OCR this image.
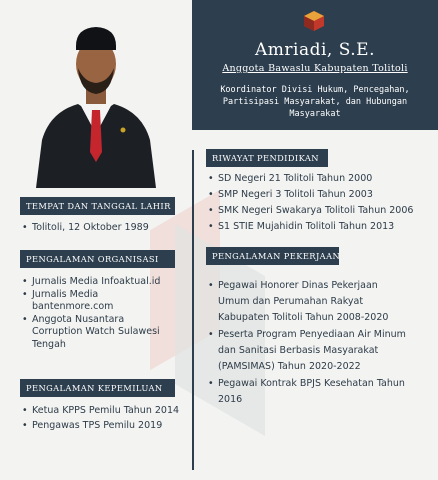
Amriadi, S.E.
Anggota Bawaslu Kabupaten Tolitoli
Koordinator Divisi Hukum, Pencegahan, Partisipasi Masyarakat, dan Hubungan Masyarakat
TEMPAT DAN TANGGAL LAHIR
• Tolitoli, 12 Oktober 1989
PENGALAMAN ORGANISASI
• Jurnalis Media Infoaktual.id
• Jurnalis Media bantenmore.com
• Anggota Nusantara Corruption Watch Sulawesi Tengah
PENGALAMAN KEPEMILUAN
• Ketua KPPS Pemilu Tahun 2014
• Pengawas TPS Pemilu 2019
RIWAYAT PENDIDIKAN
• SD Negeri 21 Tolitoli Tahun 2000
• SMP Negeri 3 Tolitoli Tahun 2003
• SMK Negeri Swakarya Tolitoli Tahun 2006
• S1 STIE Mujahidin Tolitoli Tahun 2013
PENGALAMAN PEKERJAAN
• Pegawai Honorer Dinas Pekerjaan Umum dan Perumahan Rakyat Kabupaten Tolitoli Tahun 2008-2020
• Peserta Program Penyediaan Air Minum dan Sanitasi Berbasis Masyarakat (PAMSIMAS) Tahun 2020-2022
• Pegawai Kontrak BPJS Kesehatan Tahun 2016
